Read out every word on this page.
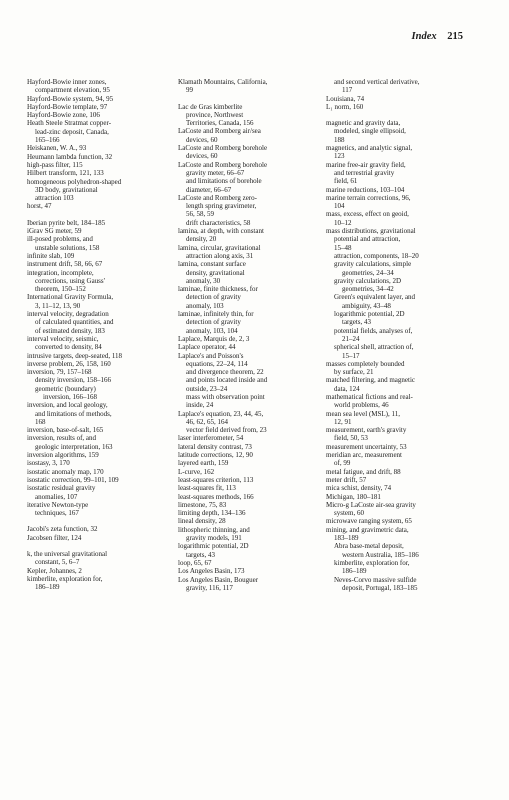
Index 215
Hayford-Bowie inner zones,
compartment elevation, 95
Hayford-Bowie system, 94, 95
Hayford-Bowie template, 97
Hayford-Bowie zone, 106
Heath Steele Stratmat copper-
lead-zinc deposit, Canada,
165–166
Heiskanen, W. A., 93
Heumann lambda function, 32
high-pass filter, 115
Hilbert transform, 121, 133
homogeneous polyhedron-shaped
3D body, gravitational
attraction 103
horst, 47
Iberian pyrite belt, 184–185
iGrav SG meter, 59
ill-posed problems, and
unstable solutions, 158
infinite slab, 109
instrument drift, 58, 66, 67
integration, incomplete,
corrections, using Gauss'
theorem, 150–152
International Gravity Formula,
3, 11–12, 13, 90
interval velocity, degradation
of calculated quantities, and
of estimated density, 183
interval velocity, seismic,
converted to density, 84
intrusive targets, deep-seated, 118
inverse problem, 26, 158, 160
inversion, 79, 157–168
density inversion, 158–166
geometric (boundary)
inversion, 166–168
inversion, and local geology,
and limitations of methods,
168
inversion, base-of-salt, 165
inversion, results of, and
geologic interpretation, 163
inversion algorithms, 159
isostasy, 3, 170
isostatic anomaly map, 170
isostatic correction, 99–101, 109
isostatic residual gravity
anomalies, 107
iterative Newton-type
techniques, 167
Jacobi's zeta function, 32
Jacobsen filter, 124
k, the universal gravitational
constant, 5, 6–7
Kepler, Johannes, 2
kimberlite, exploration for,
186–189
Klamath Mountains, California,
99
Lac de Gras kimberlite
province, Northwest
Territories, Canada, 156
LaCoste and Romberg air/sea
devices, 60
LaCoste and Romberg borehole
devices, 60
LaCoste and Romberg borehole
gravity meter, 66–67
and limitations of borehole
diameter, 66–67
LaCoste and Romberg zero-
length spring gravimeter,
56, 58, 59
drift characteristics, 58
lamina, at depth, with constant
density, 20
lamina, circular, gravitational
attraction along axis, 31
lamina, constant surface
density, gravitational
anomaly, 30
laminae, finite thickness, for
detection of gravity
anomaly, 103
laminae, infinitely thin, for
detection of gravity
anomaly, 103, 104
Laplace, Marquis de, 2, 3
Laplace operator, 44
Laplace's and Poisson's
equations, 22–24, 114
and divergence theorem, 22
and points located inside and
outside, 23–24
mass with observation point
inside, 24
Laplace's equation, 23, 44, 45,
46, 62, 65, 164
vector field derived from, 23
laser interferometer, 54
lateral density contrast, 73
latitude corrections, 12, 90
layered earth, 159
L-curve, 162
least-squares criterion, 113
least-squares fit, 113
least-squares methods, 166
limestone, 75, 83
limiting depth, 134–136
lineal density, 28
lithospheric thinning, and
gravity models, 191
logarithmic potential, 2D
targets, 43
loop, 65, 67
Los Angeles Basin, 173
Los Angeles Basin, Bouguer
gravity, 116, 117
and second vertical derivative,
117
Louisiana, 74
L₁ norm, 160
magnetic and gravity data,
modeled, single ellipsoid,
188
magnetics, and analytic signal,
123
marine free-air gravity field,
and terrestrial gravity
field, 61
marine reductions, 103–104
marine terrain corrections, 96,
104
mass, excess, effect on geoid,
10–12
mass distributions, gravitational
potential and attraction,
15–48
attraction, components, 18–20
gravity calculations, simple
geometries, 24–34
gravity calculations, 2D
geometries, 34–42
Green's equivalent layer, and
ambiguity, 43–48
logarithmic potential, 2D
targets, 43
potential fields, analyses of,
21–24
spherical shell, attraction of,
15–17
masses completely bounded
by surface, 21
matched filtering, and magnetic
data, 124
mathematical fictions and real-
world problems, 46
mean sea level (MSL), 11,
12, 91
measurement, earth's gravity
field, 50, 53
measurement uncertainty, 53
meridian arc, measurement
of, 99
metal fatigue, and drift, 88
meter drift, 57
mica schist, density, 74
Michigan, 180–181
Micro-g LaCoste air-sea gravity
system, 60
microwave ranging system, 65
mining, and gravimetric data,
183–189
Abra base-metal deposit,
western Australia, 185–186
kimberlite, exploration for,
186–189
Neves-Corvo massive sulfide
deposit, Portugal, 183–185
